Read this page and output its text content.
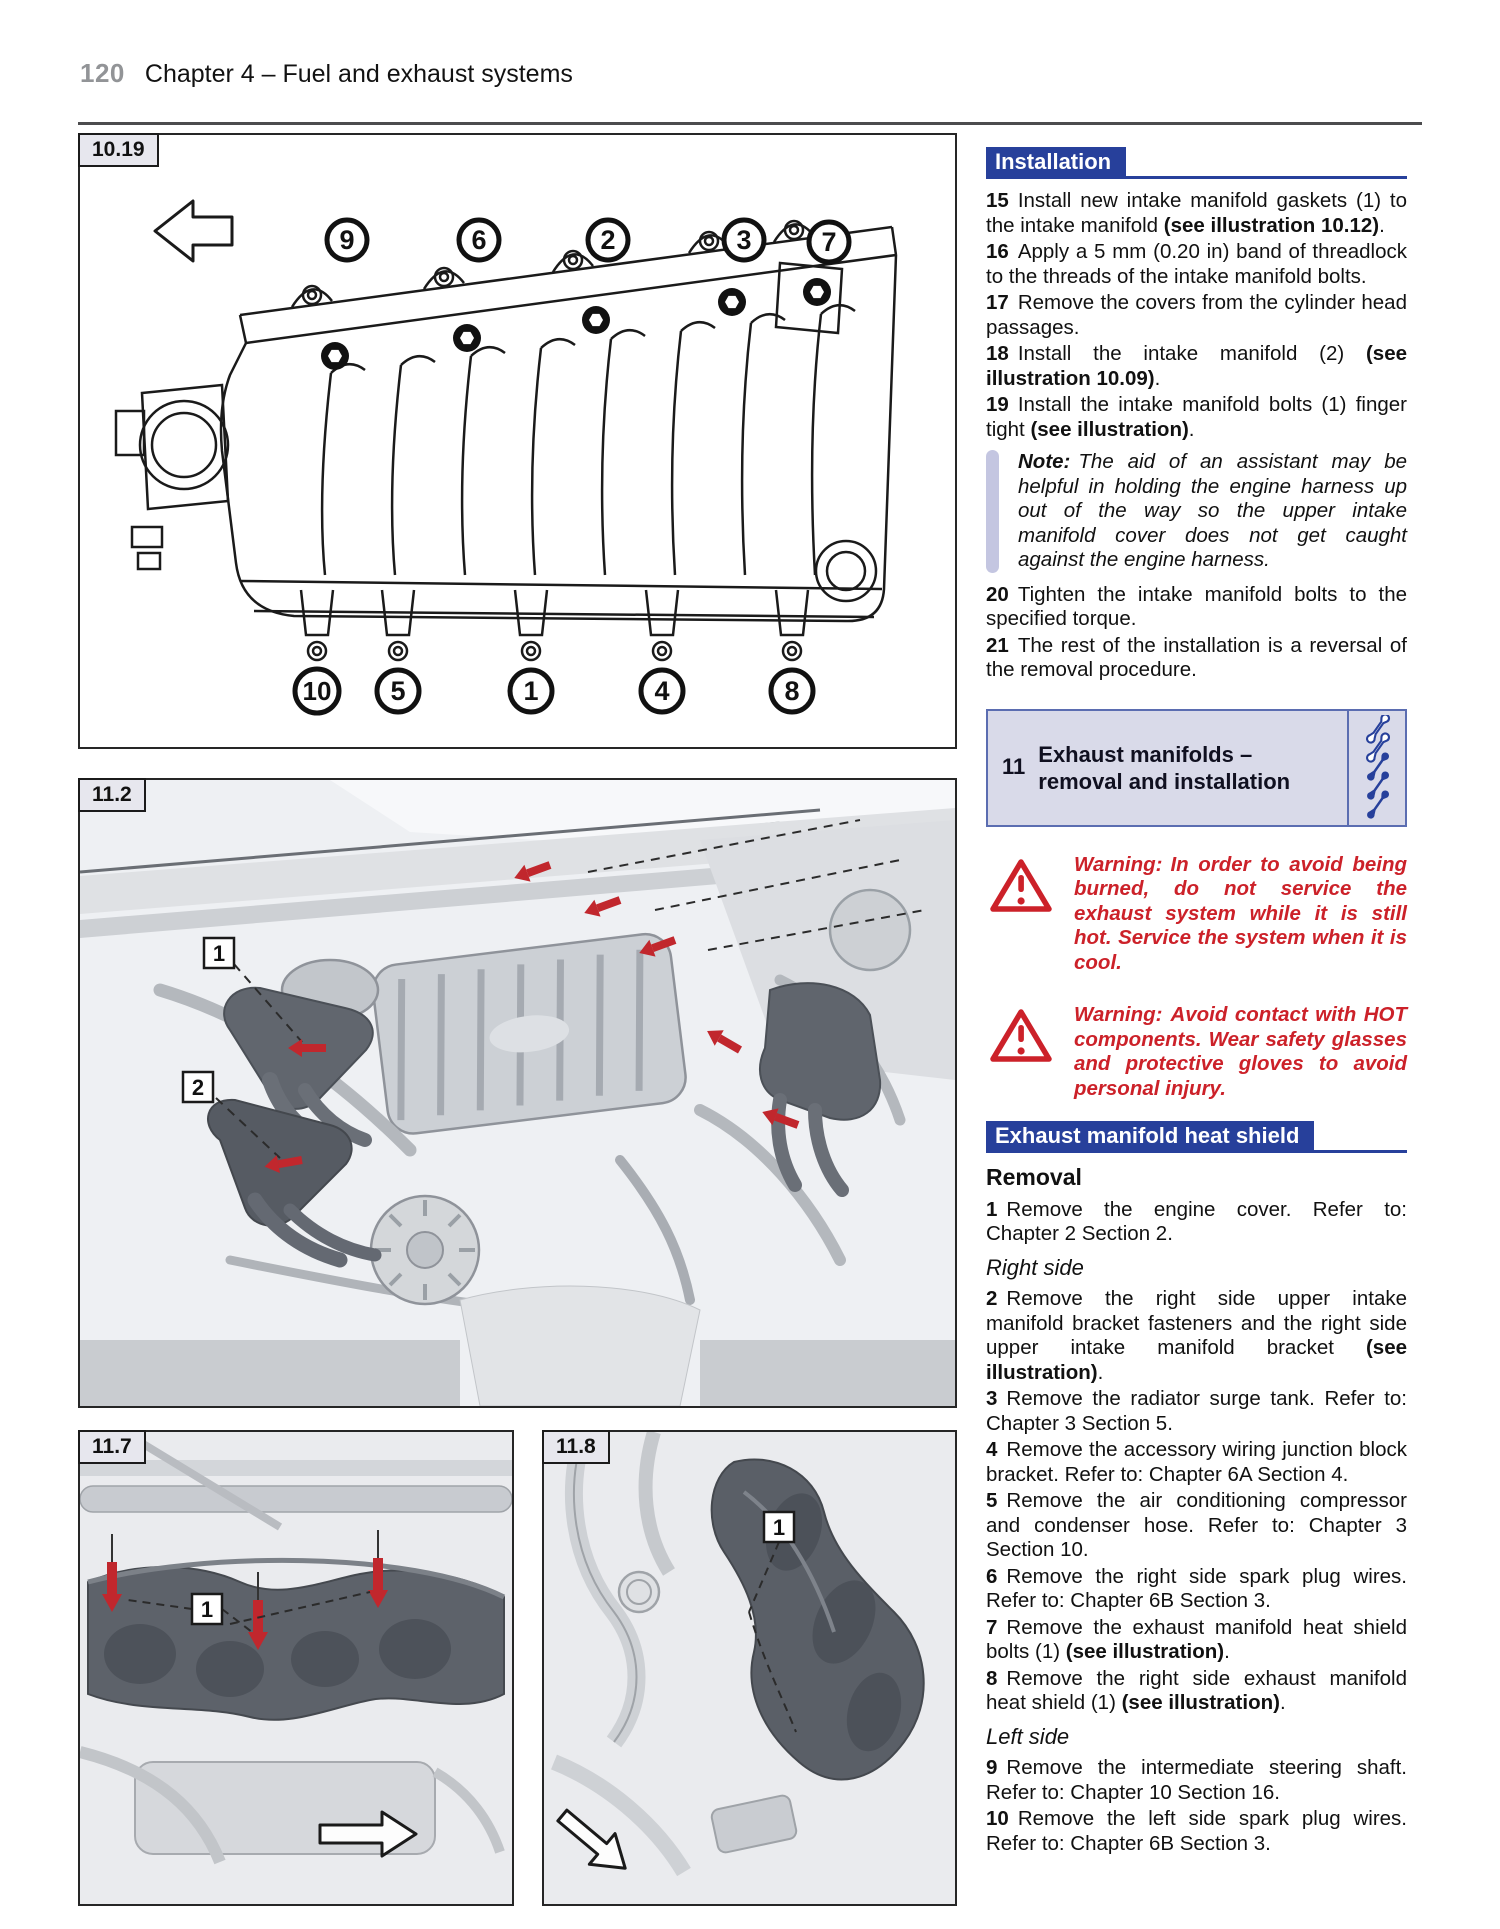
120 Chapter 4 – Fuel and exhaust systems
10.19
9	6	2	3	7
10 5	1	4	8
11.2
1
2
11.7
1
11.8
1
Installation

15 Install new intake manifold gaskets (1) to the intake manifold (see illustration 10.12).

16 Apply a 5 mm (0.20 in) band of threadlock to the threads of the intake manifold bolts.

17 Remove the covers from the cylinder head passages.

18 Install the intake manifold (2) (see illustration 10.09).

19 Install the intake manifold bolts (1) finger tight (see illustration).

Note: The aid of an assistant may be helpful in holding the engine harness up out of the way so the upper intake manifold cover does not get caught against the engine harness.

20 Tighten the intake manifold bolts to the specified torque.

21 The rest of the installation is a reversal of the removal procedure.

11
Exhaust manifolds –
removal and installation

Warning: In order to avoid being burned, do not service the exhaust system while it is still hot. Service the system when it is cool.

Warning: Avoid contact with HOT components. Wear safety glasses and protective gloves to avoid personal injury.

Exhaust manifold heat shield

Removal

1 Remove the engine cover. Refer to: Chapter 2 Section 2.

Right side

2 Remove the right side upper intake manifold bracket fasteners and the right side upper intake manifold bracket (see illustration).

3 Remove the radiator surge tank. Refer to: Chapter 3 Section 5.

4 Remove the accessory wiring junction block bracket. Refer to: Chapter 6A Section 4.

5 Remove the air conditioning compressor and condenser hose. Refer to: Chapter 3 Section 10.

6 Remove the right side spark plug wires. Refer to: Chapter 6B Section 3.

7 Remove the exhaust manifold heat shield bolts (1) (see illustration).

8 Remove the right side exhaust manifold heat shield (1) (see illustration).

Left side

9 Remove the intermediate steering shaft. Refer to: Chapter 10 Section 16.

10 Remove the left side spark plug wires. Refer to: Chapter 6B Section 3.
